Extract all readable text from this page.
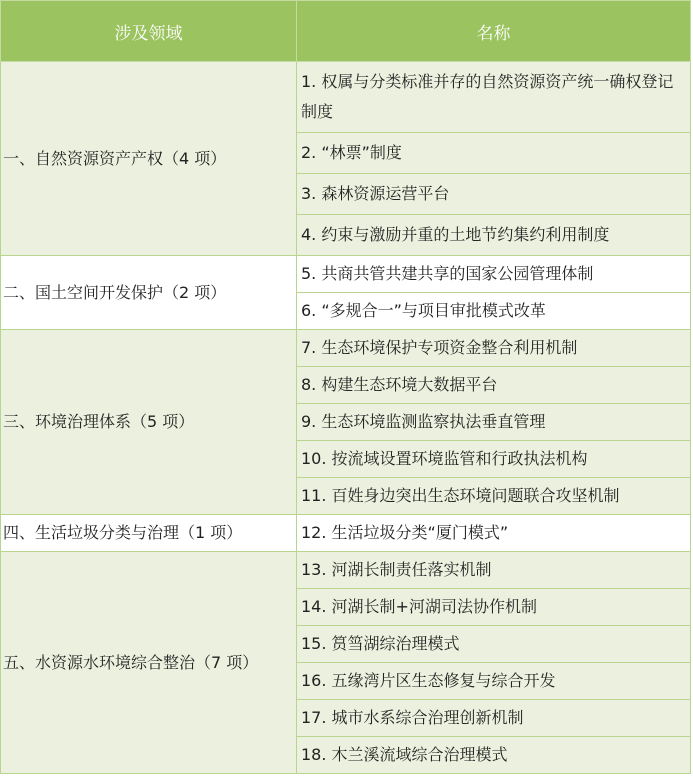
涉及领域	名称
一、自然资源资产产权（4 项）	1. 权属与分类标准并存的自然资源资产统一确权登记制度
	2. “林票”制度
	3. 森林资源运营平台
	4. 约束与激励并重的土地节约集约利用制度
二、国土空间开发保护（2 项）	5. 共商共管共建共享的国家公园管理体制
	6. “多规合一”与项目审批模式改革
三、环境治理体系（5 项）	7. 生态环境保护专项资金整合利用机制
	8. 构建生态环境大数据平台
	9. 生态环境监测监察执法垂直管理
	10. 按流域设置环境监管和行政执法机构
	11. 百姓身边突出生态环境问题联合攻坚机制
四、生活垃圾分类与治理（1 项）	12. 生活垃圾分类“厦门模式”
五、水资源水环境综合整治（7 项）	13. 河湖长制责任落实机制
	14. 河湖长制+河湖司法协作机制
	15. 筼筜湖综治理模式
	16. 五缘湾片区生态修复与综合开发
	17. 城市水系综合治理创新机制
	18. 木兰溪流域综合治理模式
